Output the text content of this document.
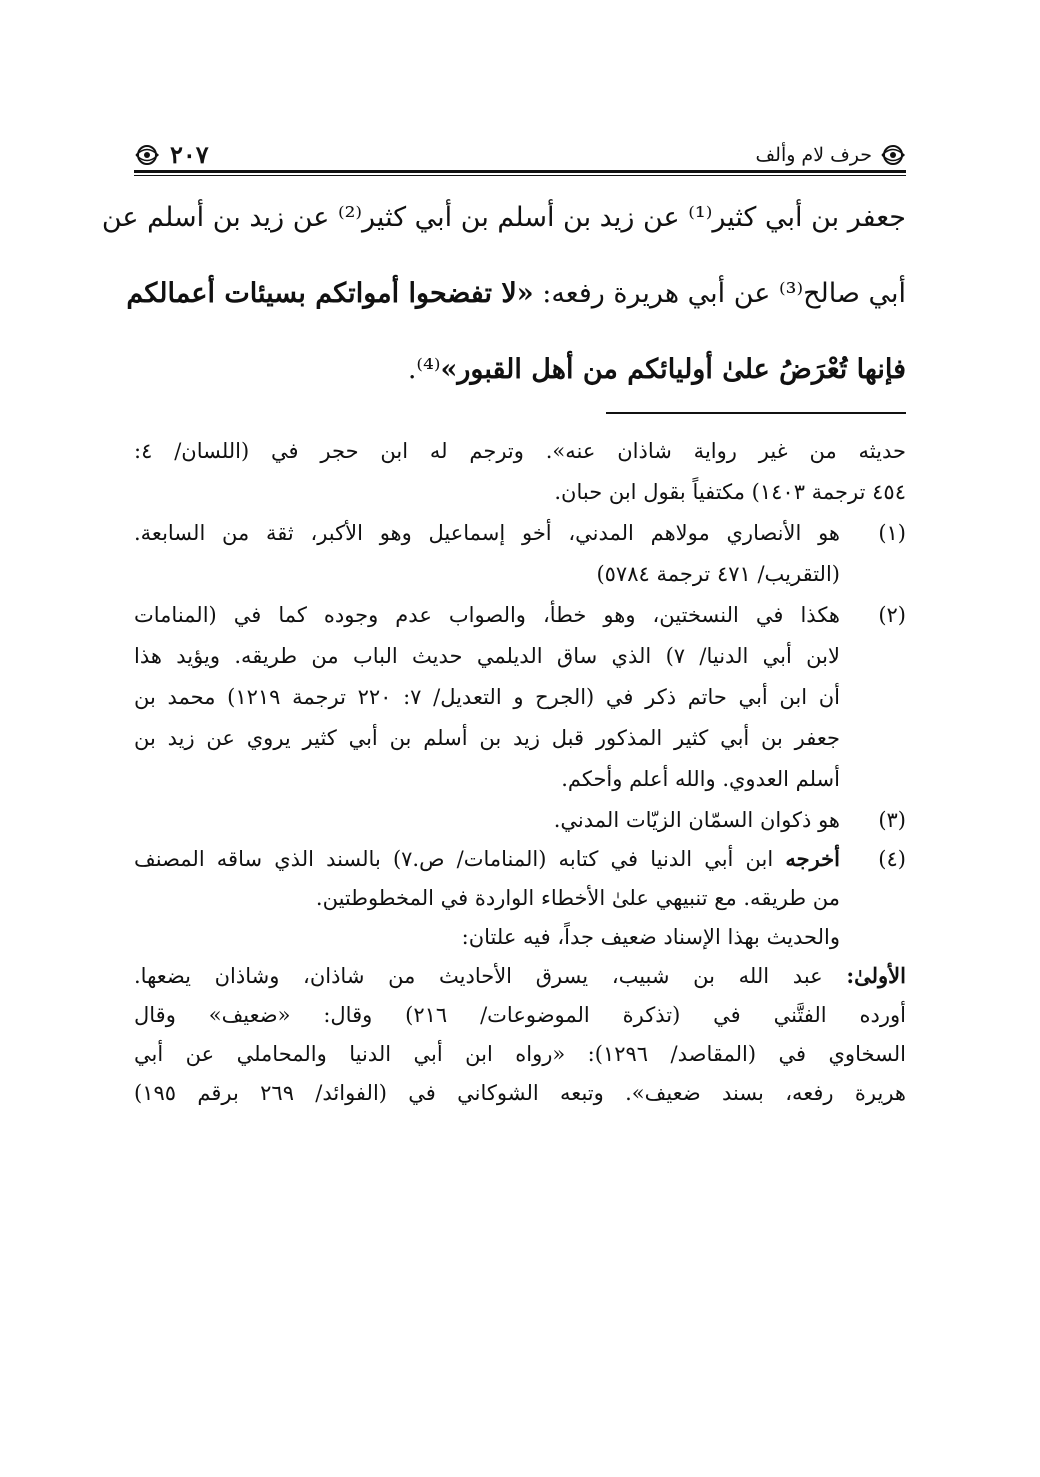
حرف لام وألف
٢٠٧
جعفر بن أبي كثير⁽¹⁾ عن زيد بن أسلم بن أبي كثير⁽²⁾ عن زيد بن أسلم عن
أبي صالح⁽³⁾ عن أبي هريرة رفعه: «لا تفضحوا أمواتكم بسيئات أعمالكم
فإنها تُعْرَضُ علىٰ أوليائكم من أهل القبور»⁽⁴⁾.
حديثه من غير رواية شاذان عنه». وترجم له ابن حجر في (اللسان/ ٤:
٤٥٤ ترجمة ١٤٠٣) مكتفياً بقول ابن حبان.
(١)هو الأنصاري مولاهم المدني، أخو إسماعيل وهو الأكبر، ثقة من السابعة.
(التقريب/ ٤٧١ ترجمة ٥٧٨٤)
(٢)هكذا في النسختين، وهو خطأ، والصواب عدم وجوده كما في (المنامات
لابن أبي الدنيا/ ٧) الذي ساق الديلمي حديث الباب من طريقه. ويؤيد هذا
أن ابن أبي حاتم ذكر في (الجرح و التعديل/ ٧: ٢٢٠ ترجمة ١٢١٩) محمد بن
جعفر بن أبي كثير المذكور قبل زيد بن أسلم بن أبي كثير يروي عن زيد بن
أسلم العدوي. والله أعلم وأحكم.
(٣)هو ذكوان السمّان الزيّات المدني.
(٤)أخرجه ابن أبي الدنيا في كتابه (المنامات/ ص.٧) بالسند الذي ساقه المصنف
من طريقه. مع تنبيهي علىٰ الأخطاء الواردة في المخطوطتين.
والحديث بهذا الإسناد ضعيف جداً، فيه علتان:
الأولىٰ: عبد الله بن شبيب، يسرق الأحاديث من شاذان، وشاذان يضعها.
أورده الفتَّني في (تذكرة الموضوعات/ ٢١٦) وقال: «ضعيف» وقال
السخاوي في (المقاصد/ ١٢٩٦): «رواه ابن أبي الدنيا والمحاملي عن أبي
هريرة رفعه، بسند ضعيف». وتبعه الشوكاني في (الفوائد/ ٢٦٩ برقم ١٩٥)
